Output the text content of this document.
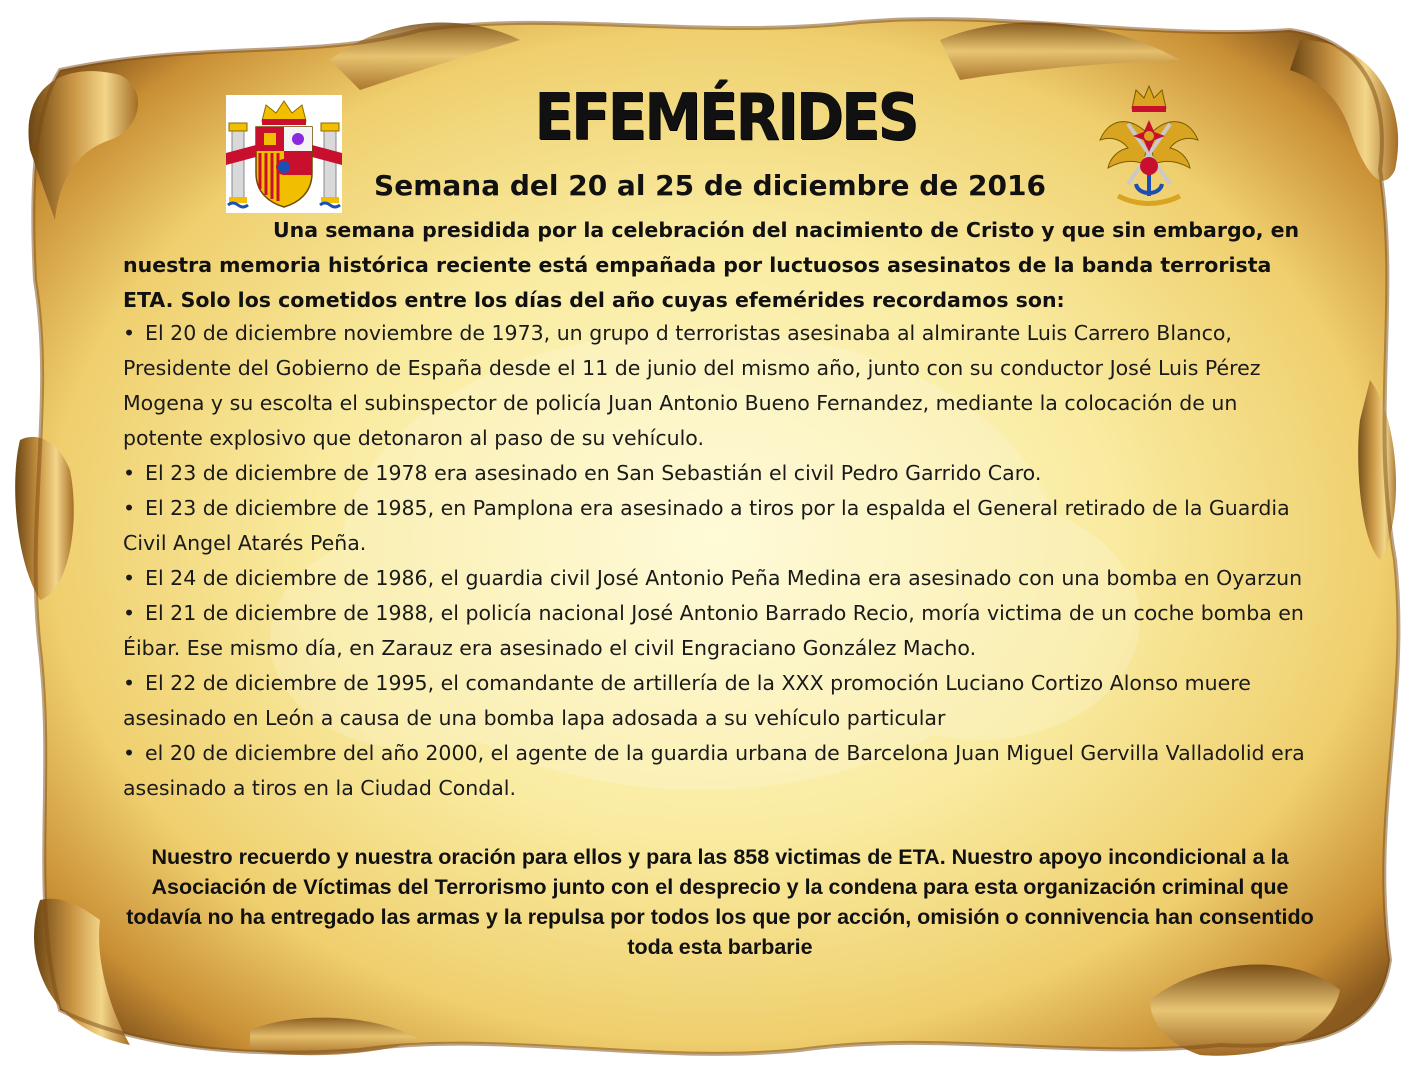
EFEMÉRIDES
Semana del 20 al 25 de diciembre de 2016

Una semana presidida por la celebración del nacimiento de Cristo y que sin embargo, en nuestra memoria histórica reciente está empañada por luctuosos asesinatos de la banda terrorista ETA. Solo los cometidos entre los días del año cuyas efemérides recordamos son:

• El 20 de diciembre noviembre de 1973, un grupo d terroristas asesinaba al almirante Luis Carrero Blanco, Presidente del Gobierno de España desde el 11 de junio del mismo año, junto con su conductor José Luis Pérez Mogena y su escolta el subinspector de policía Juan Antonio Bueno Fernandez, mediante la colocación de un potente explosivo que detonaron al paso de su vehículo.
• El 23 de diciembre de 1978 era asesinado en San Sebastián el civil Pedro Garrido Caro.
• El 23 de diciembre de 1985, en Pamplona era asesinado a tiros por la espalda el General retirado de la Guardia Civil Angel Atarés Peña.
• El 24 de diciembre de 1986, el guardia civil José Antonio Peña Medina era asesinado con una bomba en Oyarzun
• El 21 de diciembre de 1988, el policía nacional José Antonio Barrado Recio, moría victima de un coche bomba en Éibar. Ese mismo día, en Zarauz era asesinado el civil Engraciano González Macho.
• El 22 de diciembre de 1995, el comandante de artillería de la XXX promoción Luciano Cortizo Alonso muere asesinado en León a causa de una bomba lapa adosada a su vehículo particular
• el 20 de diciembre del año 2000, el agente de la guardia urbana de Barcelona Juan Miguel Gervilla Valladolid era asesinado a tiros en la Ciudad Condal.

Nuestro recuerdo y nuestra oración para ellos y para las 858 victimas de ETA. Nuestro apoyo incondicional a la Asociación de Víctimas del Terrorismo junto con el desprecio y la condena para esta organización criminal que todavía no ha entregado las armas y la repulsa por todos los que por acción, omisión o connivencia han consentido toda esta barbarie
